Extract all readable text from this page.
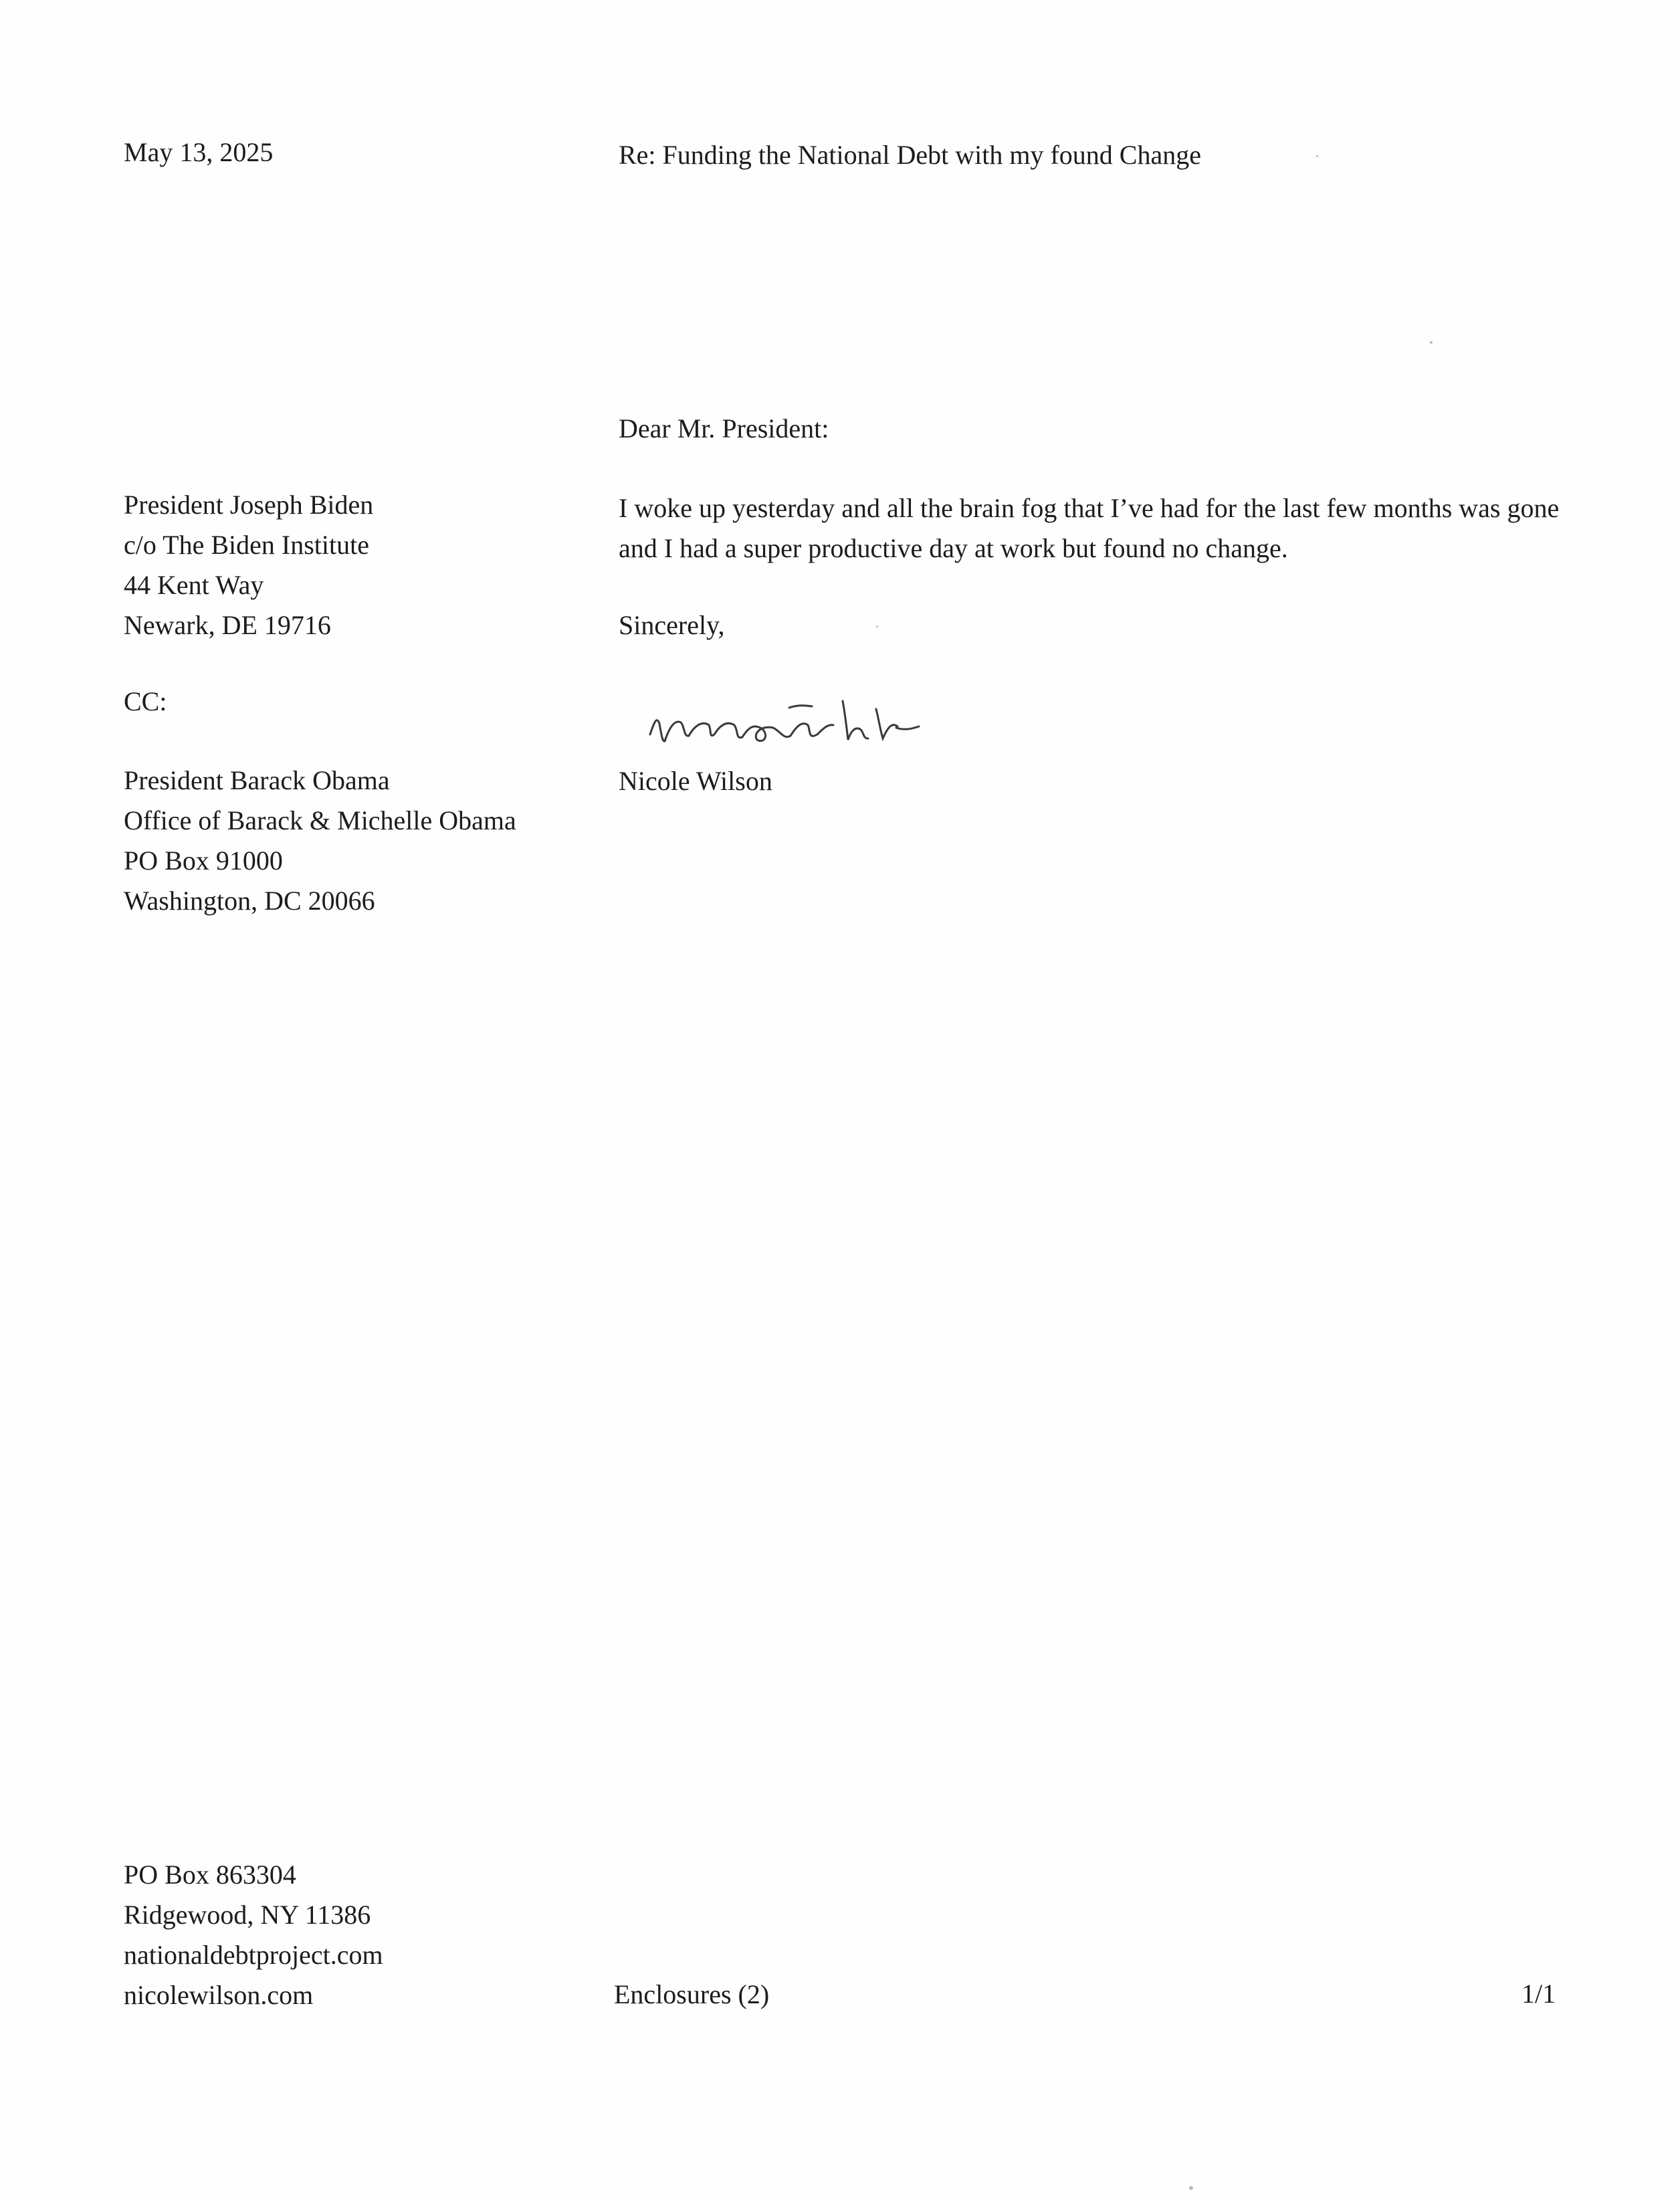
May 13, 2025	Re: Funding the National Debt with my found Change
Dear Mr. President:
President Joseph Biden
c/o The Biden Institute
44 Kent Way
Newark, DE 19716
I woke up yesterday and all the brain fog that I’ve had for the last few months was gone and I had a super productive day at work but found no change.
Sincerely,
CC:
President Barack Obama
Office of Barack & Michelle Obama
PO Box 91000
Washington, DC 20066
Nicole Wilson
PO Box 863304
Ridgewood, NY 11386
nationaldebtproject.com
nicolewilson.com	Enclosures (2)	1/1
